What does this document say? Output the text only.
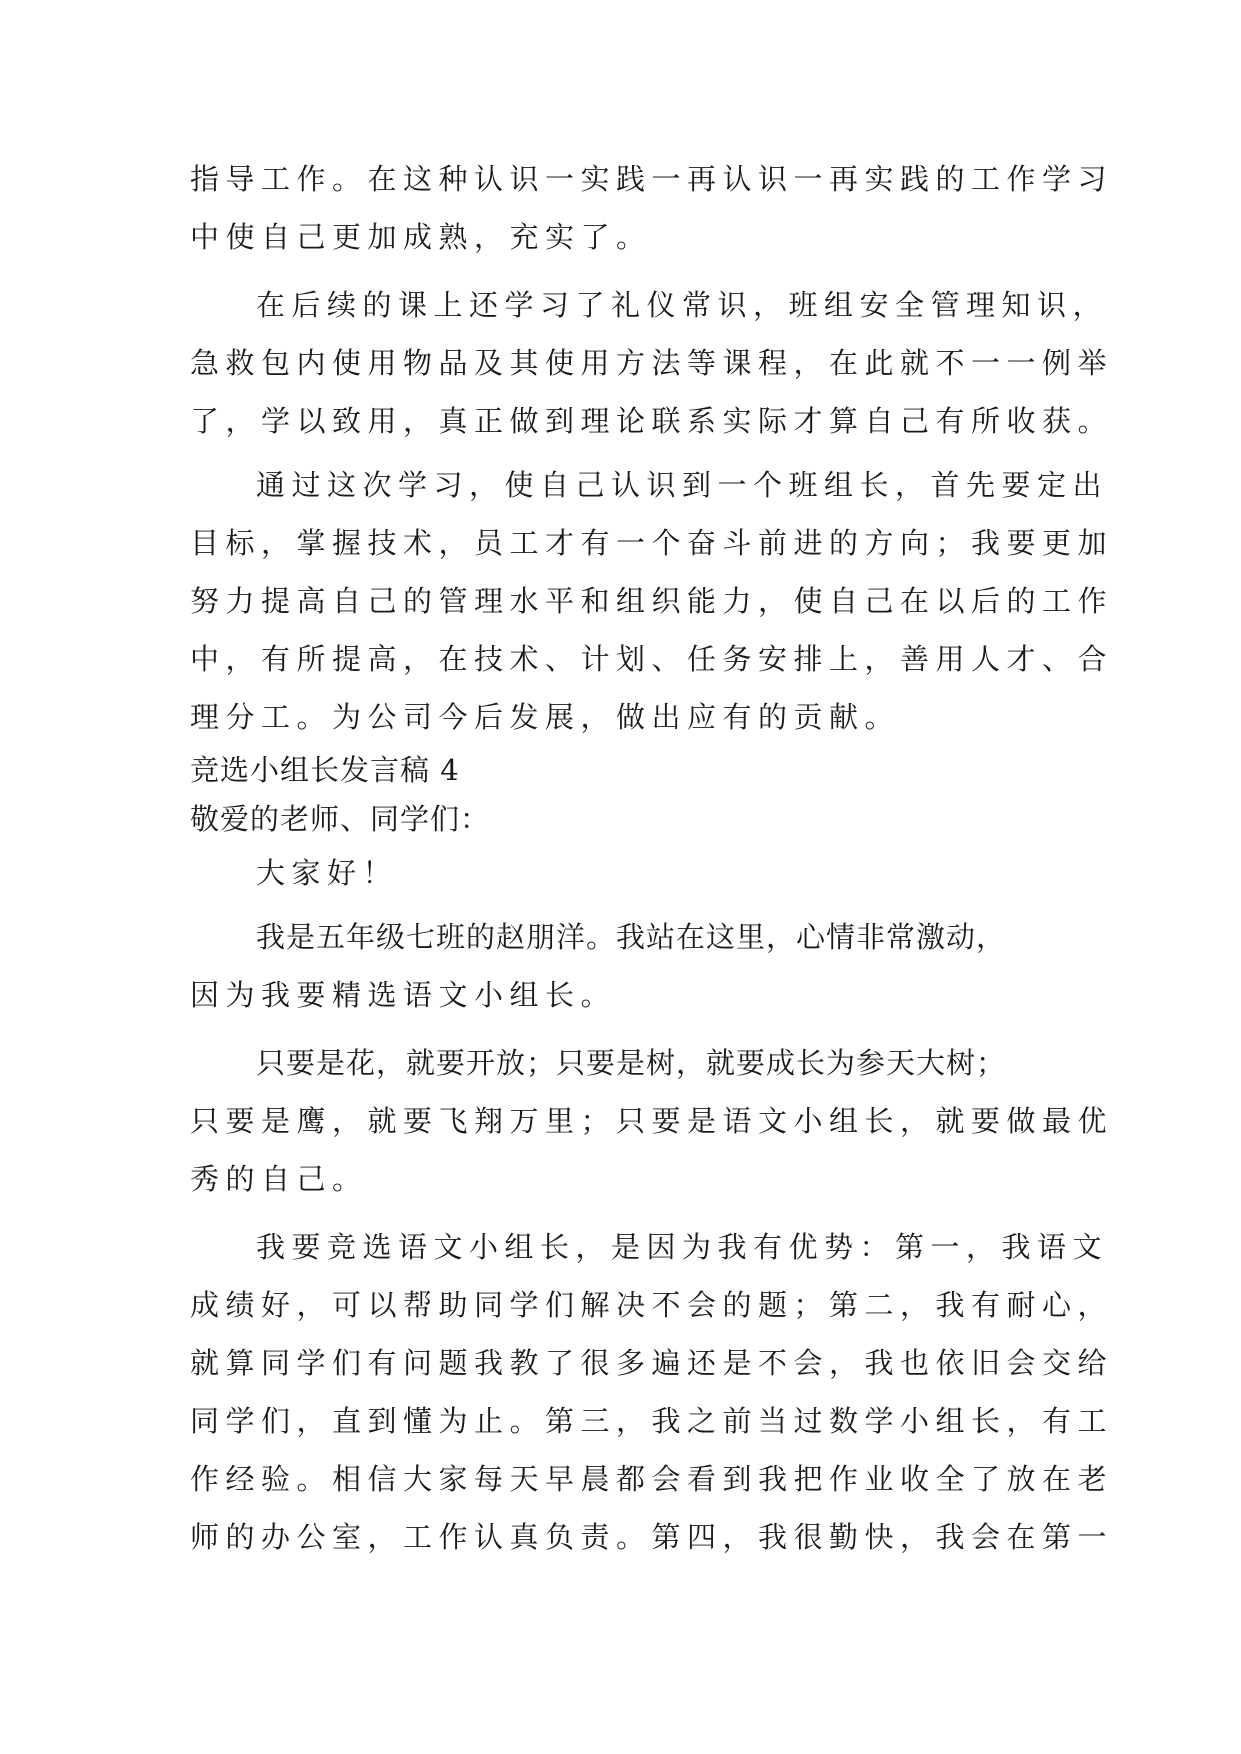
指导工作。在这种认识一实践一再认识一再实践的工作学习
中使自己更加成熟，充实了。
在后续的课上还学习了礼仪常识，班组安全管理知识，
急救包内使用物品及其使用方法等课程，在此就不一一例举
了，学以致用，真正做到理论联系实际才算自己有所收获。
通过这次学习，使自己认识到一个班组长，首先要定出
目标，掌握技术，员工才有一个奋斗前进的方向；我要更加
努力提高自己的管理水平和组织能力，使自己在以后的工作
中，有所提高，在技术、计划、任务安排上，善用人才、合
理分工。为公司今后发展，做出应有的贡献。
竞选小组长发言稿 4
敬爱的老师、同学们：
大家好！
我是五年级七班的赵朋洋。我站在这里，心情非常激动，
因为我要精选语文小组长。
只要是花，就要开放；只要是树，就要成长为参天大树；
只要是鹰，就要飞翔万里；只要是语文小组长，就要做最优
秀的自己。
我要竞选语文小组长，是因为我有优势：第一，我语文
成绩好，可以帮助同学们解决不会的题；第二，我有耐心，
就算同学们有问题我教了很多遍还是不会，我也依旧会交给
同学们，直到懂为止。第三，我之前当过数学小组长，有工
作经验。相信大家每天早晨都会看到我把作业收全了放在老
师的办公室，工作认真负责。第四，我很勤快，我会在第一
